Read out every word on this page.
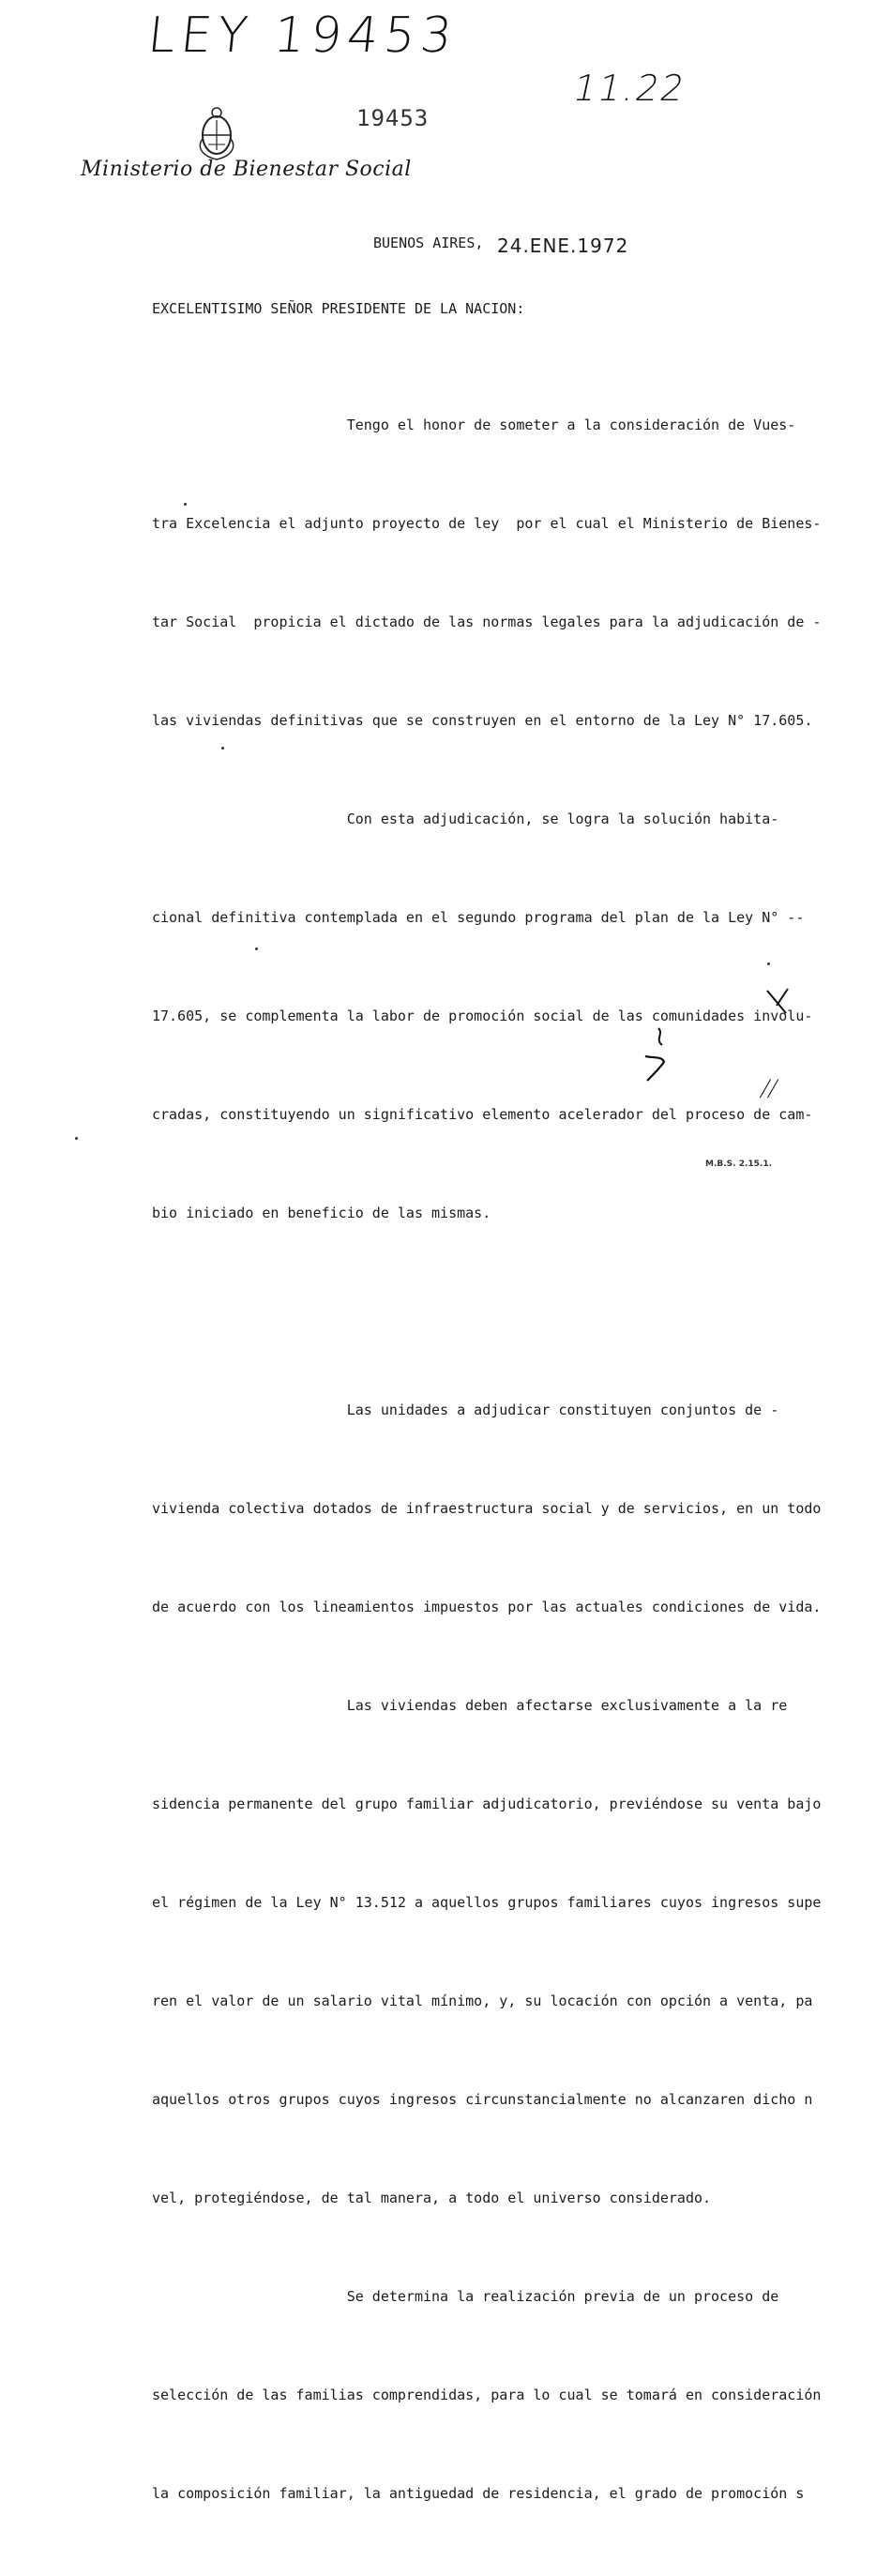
LEY 19453
11.22
19453
Ministerio de Bienestar Social
BUENOS AIRES, 24.ENE.1972
EXCELENTISIMO SEÑOR PRESIDENTE DE LA NACION:

Tengo el honor de someter a la consideración de Vues-

tra Excelencia el adjunto proyecto de ley  por el cual el Ministerio de Bienes-

tar Social  propicia el dictado de las normas legales para la adjudicación de -

las viviendas definitivas que se construyen en el entorno de la Ley N° 17.605.

Con esta adjudicación, se logra la solución habita-

cional definitiva contemplada en el segundo programa del plan de la Ley N° --

17.605, se complementa la labor de promoción social de las comunidades involu-

cradas, constituyendo un significativo elemento acelerador del proceso de cam-

bio iniciado en beneficio de las mismas.

Las unidades a adjudicar constituyen conjuntos de -

vivienda colectiva dotados de infraestructura social y de servicios, en un todo

de acuerdo con los lineamientos impuestos por las actuales condiciones de vida.

Las viviendas deben afectarse exclusivamente a la re

sidencia permanente del grupo familiar adjudicatorio, previéndose su venta bajo

el régimen de la Ley N° 13.512 a aquellos grupos familiares cuyos ingresos supe

ren el valor de un salario vital mínimo, y, su locación con opción a venta, pa

aquellos otros grupos cuyos ingresos circunstancialmente no alcanzaren dicho n

vel, protegiéndose, de tal manera, a todo el universo considerado.

Se determina la realización previa de un proceso de

selección de las familias comprendidas, para lo cual se tomará en consideración

la composición familiar, la antiguedad de residencia, el grado de promoción s

//
M.B.S. 2.15.1.
